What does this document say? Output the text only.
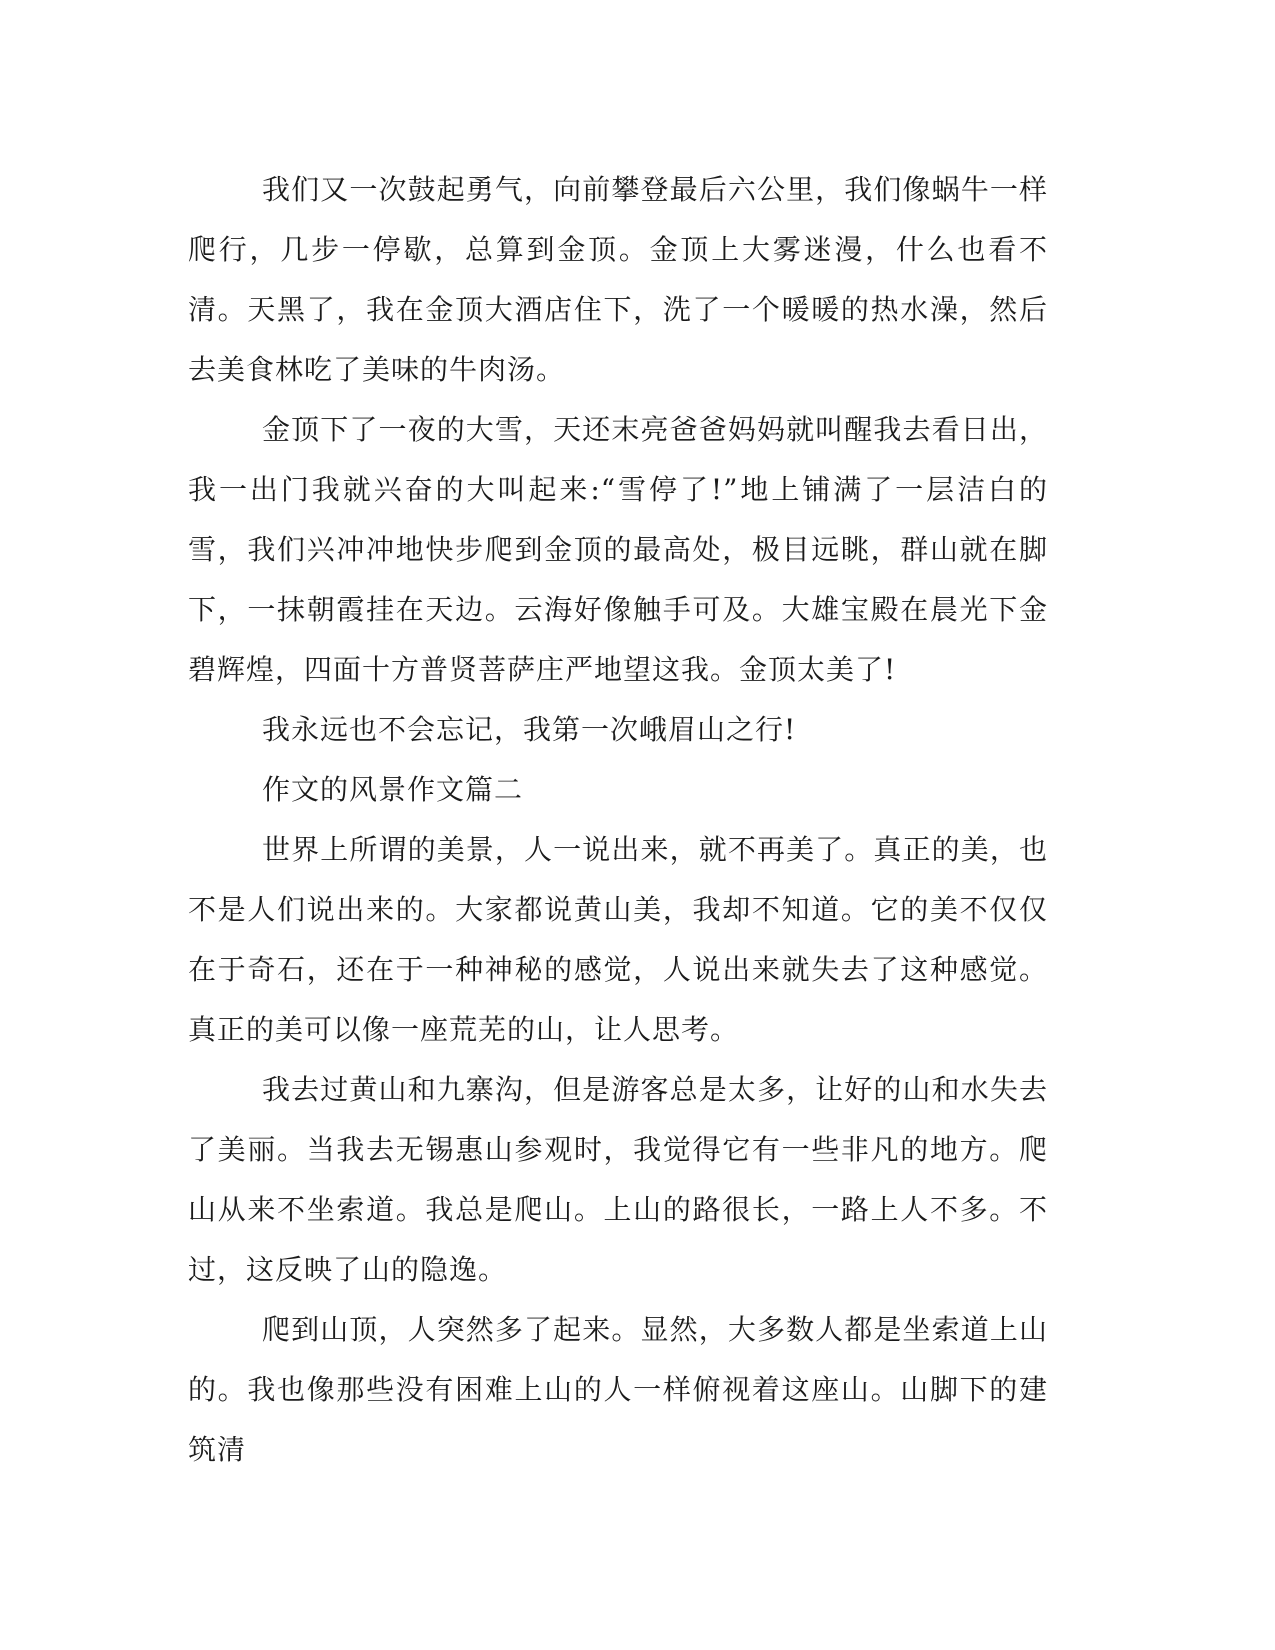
我们又一次鼓起勇气，向前攀登最后六公里，我们像蜗牛一样爬行，几步一停歇，总算到金顶。金顶上大雾迷漫，什么也看不清。天黑了，我在金顶大酒店住下，洗了一个暖暖的热水澡，然后去美食林吃了美味的牛肉汤。

金顶下了一夜的大雪，天还末亮爸爸妈妈就叫醒我去看日出，我一出门我就兴奋的大叫起来:“雪停了!”地上铺满了一层洁白的雪，我们兴冲冲地快步爬到金顶的最高处，极目远眺，群山就在脚下，一抹朝霞挂在天边。云海好像触手可及。大雄宝殿在晨光下金碧辉煌，四面十方普贤菩萨庄严地望这我。金顶太美了!

我永远也不会忘记，我第一次峨眉山之行!

作文的风景作文篇二

世界上所谓的美景，人一说出来，就不再美了。真正的美，也不是人们说出来的。大家都说黄山美，我却不知道。它的美不仅仅在于奇石，还在于一种神秘的感觉，人说出来就失去了这种感觉。真正的美可以像一座荒芜的山，让人思考。

我去过黄山和九寨沟，但是游客总是太多，让好的山和水失去了美丽。当我去无锡惠山参观时，我觉得它有一些非凡的地方。爬山从来不坐索道。我总是爬山。上山的路很长，一路上人不多。不过，这反映了山的隐逸。

爬到山顶，人突然多了起来。显然，大多数人都是坐索道上山的。我也像那些没有困难上山的人一样俯视着这座山。山脚下的建筑清
